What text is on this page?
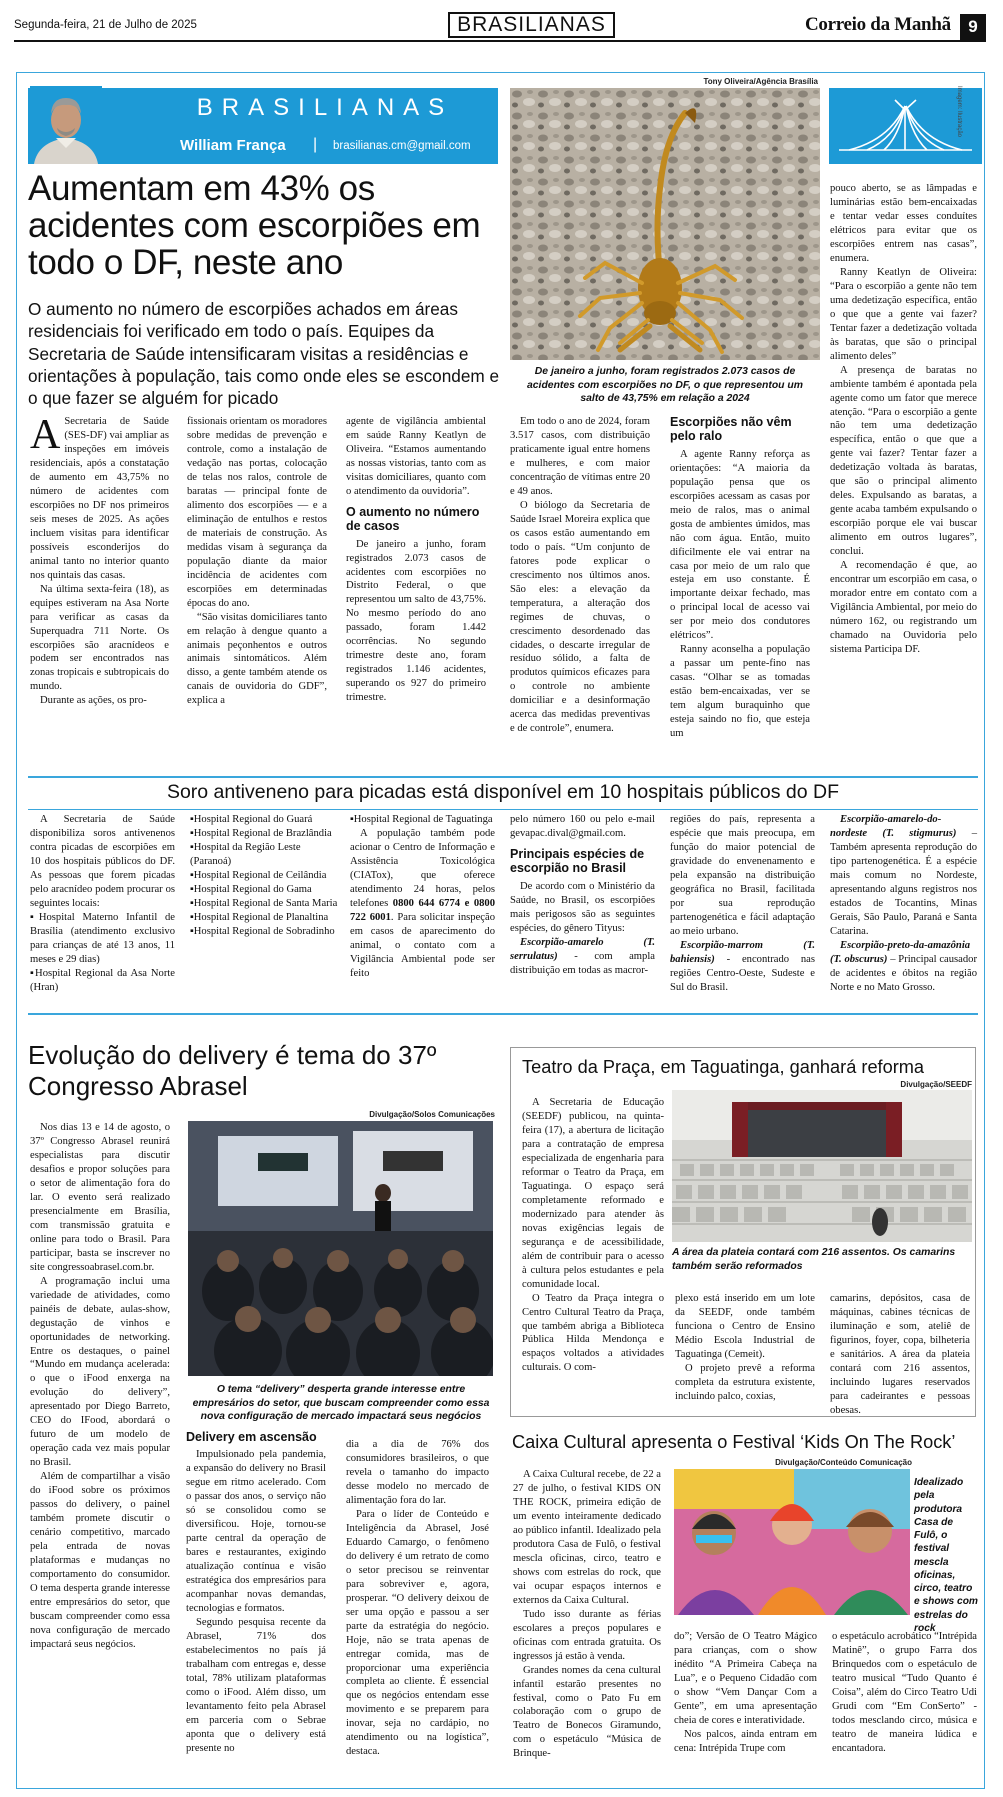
Segunda-feira, 21 de Julho de 2025	BRASILIANAS	Correio da Manhã	9
BRASILIANAS
William França | brasilianas.cm@gmail.com
Tony Oliveira/Agência Brasília
De janeiro a junho, foram registrados 2.073 casos de acidentes com escorpiões no DF, o que representou um salto de 43,75% em relação a 2024
Imagem: Ilustração
Aumentam em 43% os acidentes com escorpiões em todo o DF, neste ano
O aumento no número de escorpiões achados em áreas residenciais foi verificado em todo o país. Equipes da Secretaria de Saúde intensificaram visitas a residências e orientações à população, tais como onde eles se escondem e o que fazer se alguém for picado

A Secretaria de Saúde (SES-DF) vai ampliar as inspeções em imóveis residenciais, após a constatação de aumento em 43,75% no número de acidentes com escorpiões no DF nos primeiros seis meses de 2025. As ações incluem visitas para identificar possíveis esconderijos do animal tanto no interior quanto nos quintais das casas.

Na última sexta-feira (18), as equipes estiveram na Asa Norte para verificar as casas da Superquadra 711 Norte. Os escorpiões são aracnídeos e podem ser encontrados nas zonas tropicais e subtropicais do mundo.

Durante as ações, os pro-

fissionais orientam os moradores sobre medidas de prevenção e controle, como a instalação de vedação nas portas, colocação de telas nos ralos, controle de baratas — principal fonte de alimento dos escorpiões — e a eliminação de entulhos e restos de materiais de construção. As medidas visam à segurança da população diante da maior incidência de acidentes com escorpiões em determinadas épocas do ano.

“São visitas domiciliares tanto em relação à dengue quanto a animais peçonhentos e outros animais sintomáticos. Além disso, a gente também atende os canais de ouvidoria do GDF”, explica a

agente de vigilância ambiental em saúde Ranny Keatlyn de Oliveira. “Estamos aumentando as nossas vistorias, tanto com as visitas domiciliares, quanto com o atendimento da ouvidoria”.

O aumento no número de casos

De janeiro a junho, foram registrados 2.073 casos de acidentes com escorpiões no Distrito Federal, o que representou um salto de 43,75%. No mesmo período do ano passado, foram 1.442 ocorrências. No segundo trimestre deste ano, foram registrados 1.146 acidentes, superando os 927 do primeiro trimestre.

Em todo o ano de 2024, foram 3.517 casos, com distribuição praticamente igual entre homens e mulheres, e com maior concentração de vítimas entre 20 e 49 anos.

O biólogo da Secretaria de Saúde Israel Moreira explica que os casos estão aumentando em todo o país. “Um conjunto de fatores pode explicar o crescimento nos últimos anos. São eles: a elevação da temperatura, a alteração dos regimes de chuvas, o crescimento desordenado das cidades, o descarte irregular de resíduo sólido, a falta de produtos químicos eficazes para o controle no ambiente domiciliar e a desinformação acerca das medidas preventivas e de controle”, enumera.

Escorpiões não vêm pelo ralo

A agente Ranny reforça as orientações: “A maioria da população pensa que os escorpiões acessam as casas por meio de ralos, mas o animal gosta de ambientes úmidos, mas não com água. Então, muito dificilmente ele vai entrar na casa por meio de um ralo que esteja em uso constante. É importante deixar fechado, mas o principal local de acesso vai ser por meio dos condutores elétricos”.

Ranny aconselha a população a passar um pente-fino nas casas. “Olhar se as tomadas estão bem-encaixadas, ver se tem algum buraquinho que esteja saindo no fio, que esteja um

pouco aberto, se as lâmpadas e luminárias estão bem-encaixadas e tentar vedar esses conduítes elétricos para evitar que os escorpiões entrem nas casas”, enumera.

Ranny Keatlyn de Oliveira: “Para o escorpião a gente não tem uma dedetização específica, então o que que a gente vai fazer? Tentar fazer a dedetização voltada às baratas, que são o principal alimento deles”

A presença de baratas no ambiente também é apontada pela agente como um fator que merece atenção. “Para o escorpião a gente não tem uma dedetização específica, então o que que a gente vai fazer? Tentar fazer a dedetização voltada às baratas, que são o principal alimento deles. Expulsando as baratas, a gente acaba também expulsando o escorpião porque ele vai buscar alimento em outros lugares”, conclui.

A recomendação é que, ao encontrar um escorpião em casa, o morador entre em contato com a Vigilância Ambiental, por meio do número 162, ou registrando um chamado na Ouvidoria pelo sistema Participa DF.

Soro antiveneno para picadas está disponível em 10 hospitais públicos do DF

A Secretaria de Saúde disponibiliza soros antivenenos contra picadas de escorpiões em 10 dos hospitais públicos do DF. As pessoas que forem picadas pelo aracnídeo podem procurar os seguintes locais:

▪Hospital Materno Infantil de Brasília (atendimento exclusivo para crianças de até 13 anos, 11 meses e 29 dias)
▪Hospital Regional da Asa Norte (Hran)
▪Hospital Regional do Guará
▪Hospital Regional de Brazlândia
▪Hospital da Região Leste (Paranoá)
▪Hospital Regional de Ceilândia
▪Hospital Regional do Gama
▪Hospital Regional de Santa Maria
▪Hospital Regional de Planaltina
▪Hospital Regional de Sobradinho
▪Hospital Regional de Taguatinga

A população também pode acionar o Centro de Informação e Assistência Toxicológica (CIATox), que oferece atendimento 24 horas, pelos telefones 0800 644 6774 e 0800 722 6001. Para solicitar inspeção em casos de aparecimento do animal, o contato com a Vigilância Ambiental pode ser feito

pelo número 160 ou pelo e-mail gevapac.dival@gmail.com.

Principais espécies de escorpião no Brasil

De acordo com o Ministério da Saúde, no Brasil, os escorpiões mais perigosos são as seguintes espécies, do gênero Tityus:

Escorpião-amarelo (T. serrulatus) - com ampla distribuição em todas as macror-

regiões do país, representa a espécie que mais preocupa, em função do maior potencial de gravidade do envenenamento e pela expansão na distribuição geográfica no Brasil, facilitada por sua reprodução partenogenética e fácil adaptação ao meio urbano.

Escorpião-marrom (T. bahiensis) - encontrado nas regiões Centro-Oeste, Sudeste e Sul do Brasil.

Escorpião-amarelo-do-nordeste (T. stigmurus) – Também apresenta reprodução do tipo partenogenética. É a espécie mais comum no Nordeste, apresentando alguns registros nos estados de Tocantins, Minas Gerais, São Paulo, Paraná e Santa Catarina.

Escorpião-preto-da-amazônia (T. obscurus) – Principal causador de acidentes e óbitos na região Norte e no Mato Grosso.

Evolução do delivery é tema do 37º Congresso Abrasel
Divulgação/Solos Comunicações
O tema “delivery” desperta grande interesse entre empresários do setor, que buscam compreender como essa nova configuração de mercado impactará seus negócios

Nos dias 13 e 14 de agosto, o 37º Congresso Abrasel reunirá especialistas para discutir desafios e propor soluções para o setor de alimentação fora do lar. O evento será realizado presencialmente em Brasília, com transmissão gratuita e online para todo o Brasil. Para participar, basta se inscrever no site congressoabrasel.com.br.

A programação inclui uma variedade de atividades, como painéis de debate, aulas-show, degustação de vinhos e oportunidades de networking. Entre os destaques, o painel “Mundo em mudança acelerada: o que o iFood enxerga na evolução do delivery”, apresentado por Diego Barreto, CEO do IFood, abordará o futuro de um modelo de operação cada vez mais popular no Brasil.

Além de compartilhar a visão do iFood sobre os próximos passos do delivery, o painel também promete discutir o cenário competitivo, marcado pela entrada de novas plataformas e mudanças no comportamento do consumidor. O tema desperta grande interesse entre empresários do setor, que buscam compreender como essa nova configuração de mercado impactará seus negócios.

Delivery em ascensão

Impulsionado pela pandemia, a expansão do delivery no Brasil segue em ritmo acelerado. Com o passar dos anos, o serviço não só se consolidou como se diversificou. Hoje, tornou-se parte central da operação de bares e restaurantes, exigindo atualização contínua e visão estratégica dos empresários para acompanhar novas demandas, tecnologias e formatos.

Segundo pesquisa recente da Abrasel, 71% dos estabelecimentos no país já trabalham com entregas e, desse total, 78% utilizam plataformas como o iFood. Além disso, um levantamento feito pela Abrasel em parceria com o Sebrae aponta que o delivery está presente no

dia a dia de 76% dos consumidores brasileiros, o que revela o tamanho do impacto desse modelo no mercado de alimentação fora do lar.

Para o líder de Conteúdo e Inteligência da Abrasel, José Eduardo Camargo, o fenômeno do delivery é um retrato de como o setor precisou se reinventar para sobreviver e, agora, prosperar. “O delivery deixou de ser uma opção e passou a ser parte da estratégia do negócio. Hoje, não se trata apenas de entregar comida, mas de proporcionar uma experiência completa ao cliente. É essencial que os negócios entendam esse movimento e se preparem para inovar, seja no cardápio, no atendimento ou na logística”, destaca.

Teatro da Praça, em Taguatinga, ganhará reforma
Divulgação/SEEDF
A área da plateia contará com 216 assentos. Os camarins também serão reformados

A Secretaria de Educação (SEEDF) publicou, na quinta-feira (17), a abertura de licitação para a contratação de empresa especializada de engenharia para reformar o Teatro da Praça, em Taguatinga. O espaço será completamente reformado e modernizado para atender às novas exigências legais de segurança e de acessibilidade, além de contribuir para o acesso à cultura pelos estudantes e pela comunidade local.

O Teatro da Praça integra o Centro Cultural Teatro da Praça, que também abriga a Biblioteca Pública Hilda Mendonça e espaços voltados a atividades culturais. O com-

plexo está inserido em um lote da SEEDF, onde também funciona o Centro de Ensino Médio Escola Industrial de Taguatinga (Cemeit).

O projeto prevê a reforma completa da estrutura existente, incluindo palco, coxias,

camarins, depósitos, casa de máquinas, cabines técnicas de iluminação e som, ateliê de figurinos, foyer, copa, bilheteria e sanitários. A área da plateia contará com 216 assentos, incluindo lugares reservados para cadeirantes e pessoas obesas.

Caixa Cultural apresenta o Festival ‘Kids On The Rock’
Divulgação/Conteúdo Comunicação
Idealizado pela produtora Casa de Fulô, o festival mescla oficinas, circo, teatro e shows com estrelas do rock

A Caixa Cultural recebe, de 22 a 27 de julho, o festival KIDS ON THE ROCK, primeira edição de um evento inteiramente dedicado ao público infantil. Idealizado pela produtora Casa de Fulô, o festival mescla oficinas, circo, teatro e shows com estrelas do rock, que vai ocupar espaços internos e externos da Caixa Cultural.

Tudo isso durante as férias escolares a preços populares e oficinas com entrada gratuita. Os ingressos já estão à venda.

Grandes nomes da cena cultural infantil estarão presentes no festival, como o Pato Fu em colaboração com o grupo de Teatro de Bonecos Giramundo, com o espetáculo “Música de Brinque-

do”; Versão de O Teatro Mágico para crianças, com o show inédito “A Primeira Cabeça na Lua”, e o Pequeno Cidadão com o show “Vem Dançar Com a Gente”, em uma apresentação cheia de cores e interatividade.

Nos palcos, ainda entram em cena: Intrépida Trupe com

o espetáculo acrobático “Intrépida Matinê”, o grupo Farra dos Brinquedos com o espetáculo de teatro musical “Tudo Quanto é Coisa”, além do Circo Teatro Udi Grudi com “Em ConSerto” - todos mesclando circo, música e teatro de maneira lúdica e encantadora.
